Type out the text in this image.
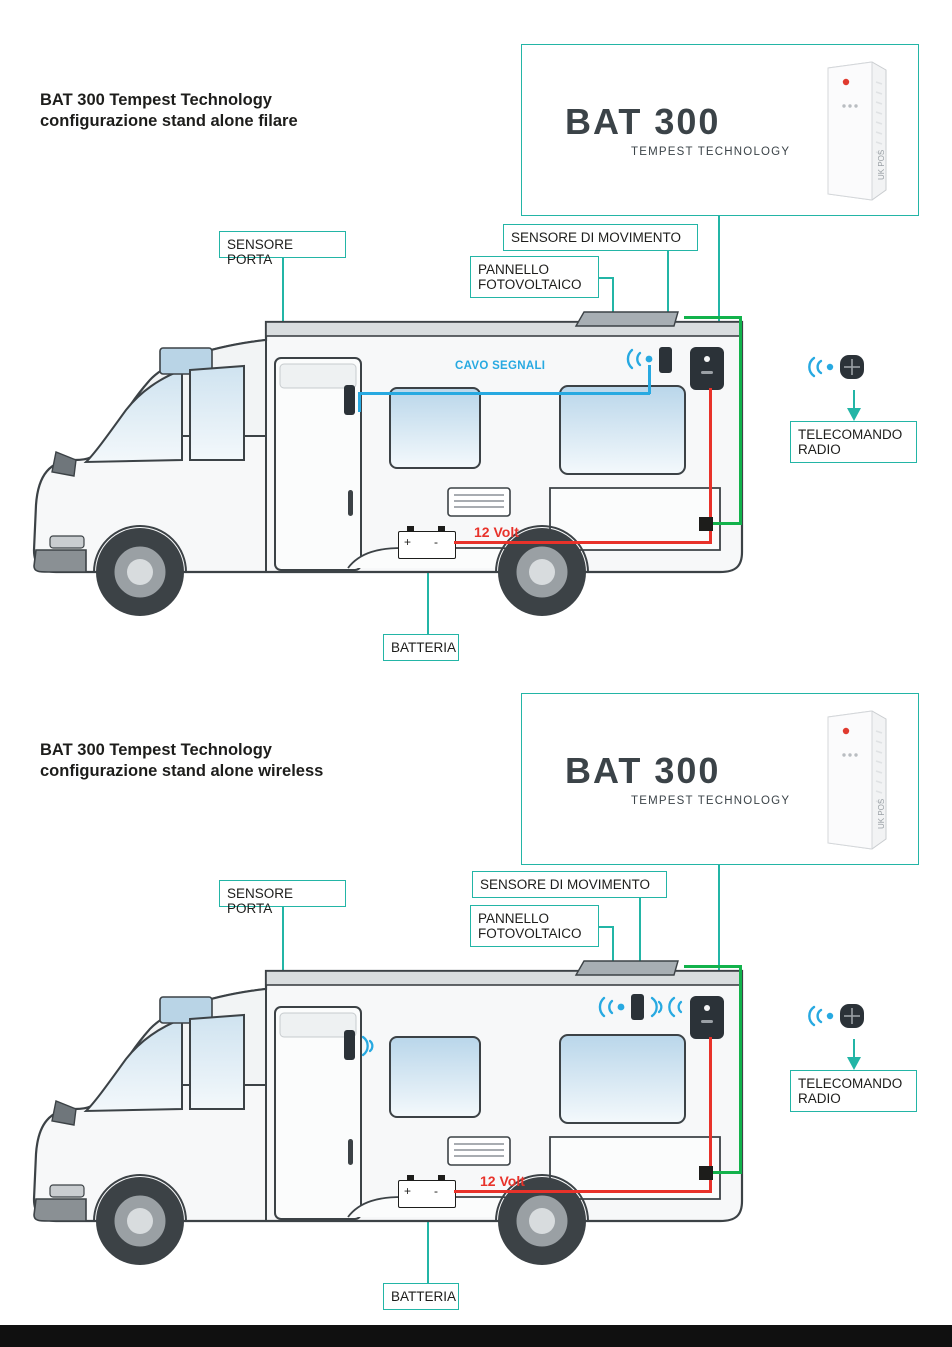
BAT 300 Tempest Technology
configurazione stand alone filare	BAT 300
TEMPEST TECHNOLOGY	UK POS
SENSORE PORTA
SENSORE DI MOVIMENTO
PANNELLO
FOTOVOLTAICO
TELECOMANDO
RADIO
BATTERIA
+ -
12 Volt
CAVO SEGNALI
BAT 300 Tempest Technology
configurazione stand alone wireless	BAT 300
TEMPEST TECHNOLOGY	UK POS
SENSORE PORTA
SENSORE DI MOVIMENTO
PANNELLO
FOTOVOLTAICO
TELECOMANDO
RADIO
BATTERIA
+ -
12 Volt
